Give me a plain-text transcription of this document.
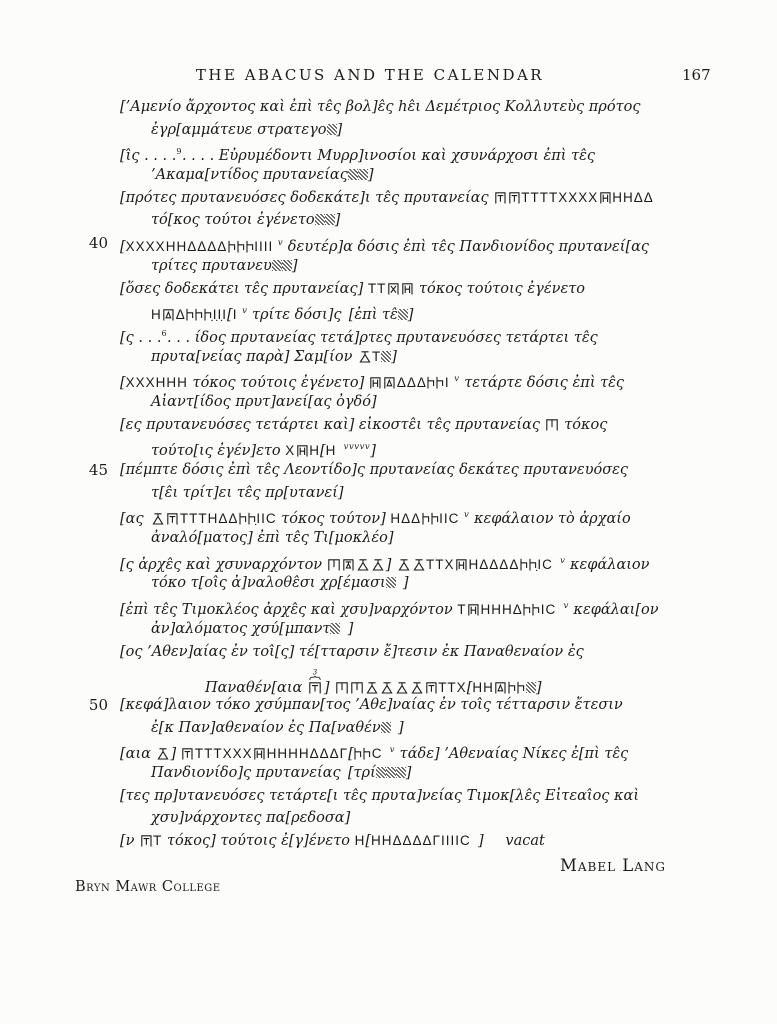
THE ABACUS AND THE CALENDAR	167
[’Αμενίο ἄρχοντος καὶ ἐπὶ τε̂ς βολ]ε̂ς hε̂ι Δεμέτριος Κολλυτεὺς πρότος
ἐγρ[αμμάτευε στρατεγο ]
[ι̂ς . . . .$^9$. . . . Εὐρυμέδοντι Μυρρ]ινοσίοι καὶ χσυνάρχοσι ἐπὶ τε̂ς
’Ακαμα[ντίδος πρυτανείας ]
[πρότες πρυτανευόσες δοδεκάτε]ι τε̂ς πρυτανείας ΤΤΤΤΧΧΧΧ ΗΗΔΔ
τό[κος τούτοι ἐγένετο ]
40 [ΧΧΧΧΗΗΔΔΔΔ ΙΙΙΙ $^v$ δευτέρ]α δόσις ἐπὶ τε̂ς Πανδιονίδος πρυτανεί[ας
τρίτες πρυτανευ ]
[ὅσες δοδεκάτει τε̂ς πρυτανείας] ΤΤ τόκος τούτοις ἐγένετο
Η Δ Ι̣Ι̣Ι̣[Ι $^v$ τρίτε δόσι]ς [ἐπὶ τε̂ ]
[ς . . .$^6$. . . ίδος πρυτανείας τετά]ρτες πρυτανευόσες τετάρτει τε̂ς
πρυτα[νείας παρὰ] Σαμ[ίον Τ ]
[ΧΧΧΗΗΗ τόκος τούτοις ἐγένετο] ΔΔΔ Ι $^v$ τετάρτε δόσις ἐπὶ τε̂ς
Αἰαντ[ίδος πρυτ]ανεί[ας ὀγδό]
[ες πρυτανευόσες τετάρτει καὶ] εἰκοστε̂ι τε̂ς πρυτανείας  τόκος
τούτο[ις ἐγέν]ετο Χ Η[Η  $^{vvvvv}$]
45 [πέμπτε δόσις ἐπὶ τε̂ς Λεοντίδο]ς πρυτανείας δεκάτες πρυτανευόσες
τ[ε̂ι τρίτ]ει τε̂ς πρ[υτανεί]
[ας ΤΤΤΗΔΔ Ι̣ΙϹ τόκος τούτον] ΗΔΔ ΙΙϹ $^v$ κεφάλαιον τὸ ἀρχαίο
ἀναλό[ματος] ἐπὶ τε̂ς Τι[μοκλέο]
[ς ἀρχε̂ς καὶ χσυναρχόντον	] ΤΤΧ ΗΔΔΔΔ Ι̣Ϲ  $^v$ κεφάλαιον
τόκο τ[οι̂ς ἀ]ναλοθε̂σι χρ[έμασι ]
[ἐπὶ τε̂ς Τιμοκλέος ἀρχε̂ς καὶ χσυ]ναρχόντον Τ ΗΗΗΔ ΙϹ  $^v$ κεφάλαι[ον
ἀν]αλόματος χσύ[μπαντ ]
[ος ’Αθεν]αίας ἐν τοι̂[ς] τέ[τταρσιν ἔ]τεσιν ἐκ Παναθεναίον ἐς
Παναθέν[αια
3
]	ΤΤΧ[ΗΗ	]
50 [κεφά]λαιον τόκο χσύμπαν[τος ’Αθε]ναίας ἐν τοι̂ς τέτταρσιν ἔτεσιν
ἐ[κ Παν]αθεναίον ἐς Πα[ναθέν ]
[αια ] ΤΤΤΧΧΧ ΗΗΗΗΔΔΔΓ[ Ϲ  $^v$ τάδε] ’Αθεναίας Νίκες ἐ[πὶ τε̂ς
Πανδιονίδο]ς πρυτανείας [τρί ]
[τες πρ]υτανευόσες τετάρτε[ι τε̂ς πρυτα]νείας Τιμοκ[λε̂ς Εἰτεαι̂ος καὶ
χσυ]νάρχοντες πα[ρεδοσα]
[ν Τ τόκος] τούτοις ἐ[γ]ένετο Η[ΗΗΔΔΔΔΓΙΙΙΙϹ ]  vacat
Mabel Lang
Bryn Mawr College
